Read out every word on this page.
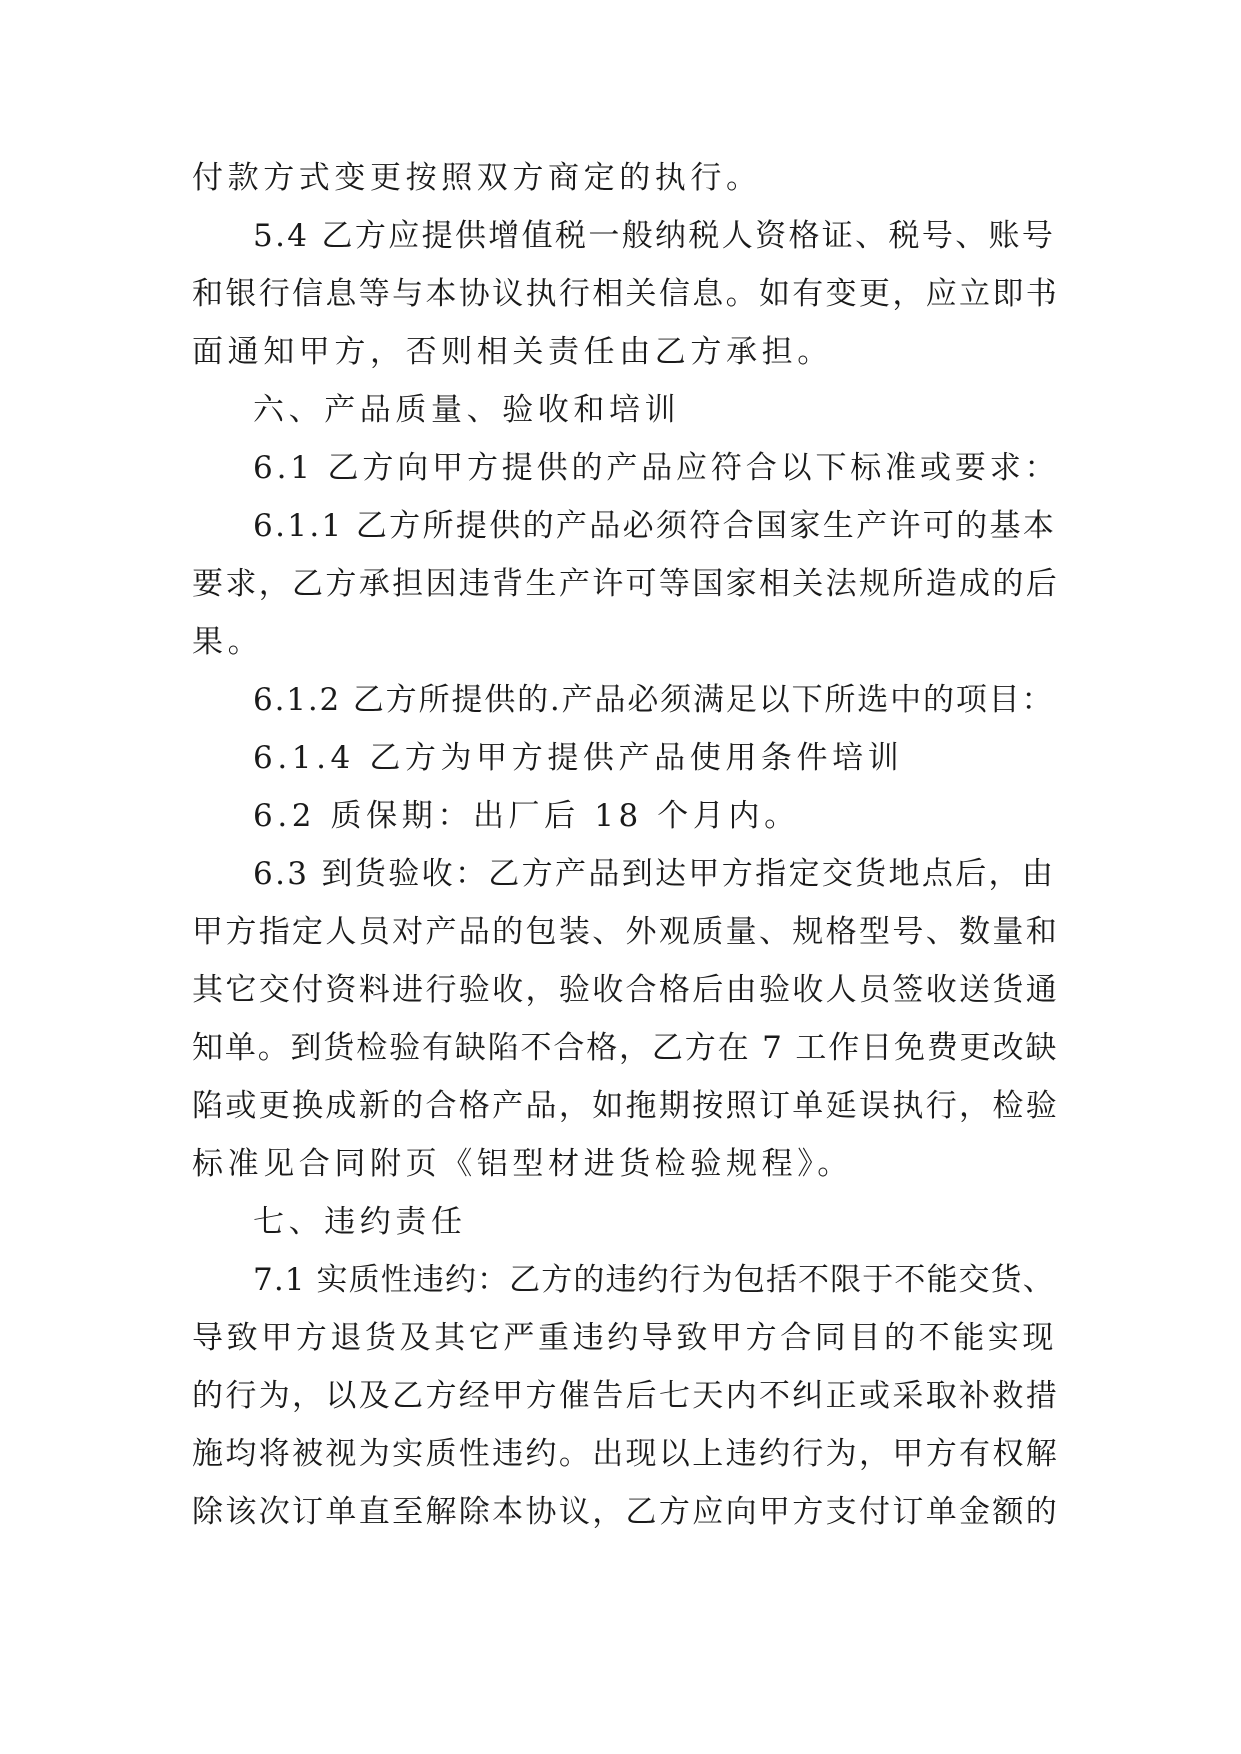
付款方式变更按照双方商定的执行。

5.4 乙方应提供增值税一般纳税人资格证、税号、账号

和银行信息等与本协议执行相关信息。如有变更，应立即书

面通知甲方，否则相关责任由乙方承担。

六、产品质量、验收和培训

6.1 乙方向甲方提供的产品应符合以下标准或要求：

6.1.1 乙方所提供的产品必须符合国家生产许可的基本

要求，乙方承担因违背生产许可等国家相关法规所造成的后

果。

6.1.2 乙方所提供的.产品必须满足以下所选中的项目：

6.1.4 乙方为甲方提供产品使用条件培训

6.2 质保期：出厂后 18 个月内。

6.3 到货验收：乙方产品到达甲方指定交货地点后，由

甲方指定人员对产品的包装、外观质量、规格型号、数量和

其它交付资料进行验收，验收合格后由验收人员签收送货通

知单。到货检验有缺陷不合格，乙方在 7 工作日免费更改缺

陷或更换成新的合格产品，如拖期按照订单延误执行，检验

标准见合同附页《铝型材进货检验规程》。

七、违约责任

7.1 实质性违约：乙方的违约行为包括不限于不能交货、

导致甲方退货及其它严重违约导致甲方合同目的不能实现

的行为，以及乙方经甲方催告后七天内不纠正或采取补救措

施均将被视为实质性违约。出现以上违约行为，甲方有权解

除该次订单直至解除本协议，乙方应向甲方支付订单金额的
